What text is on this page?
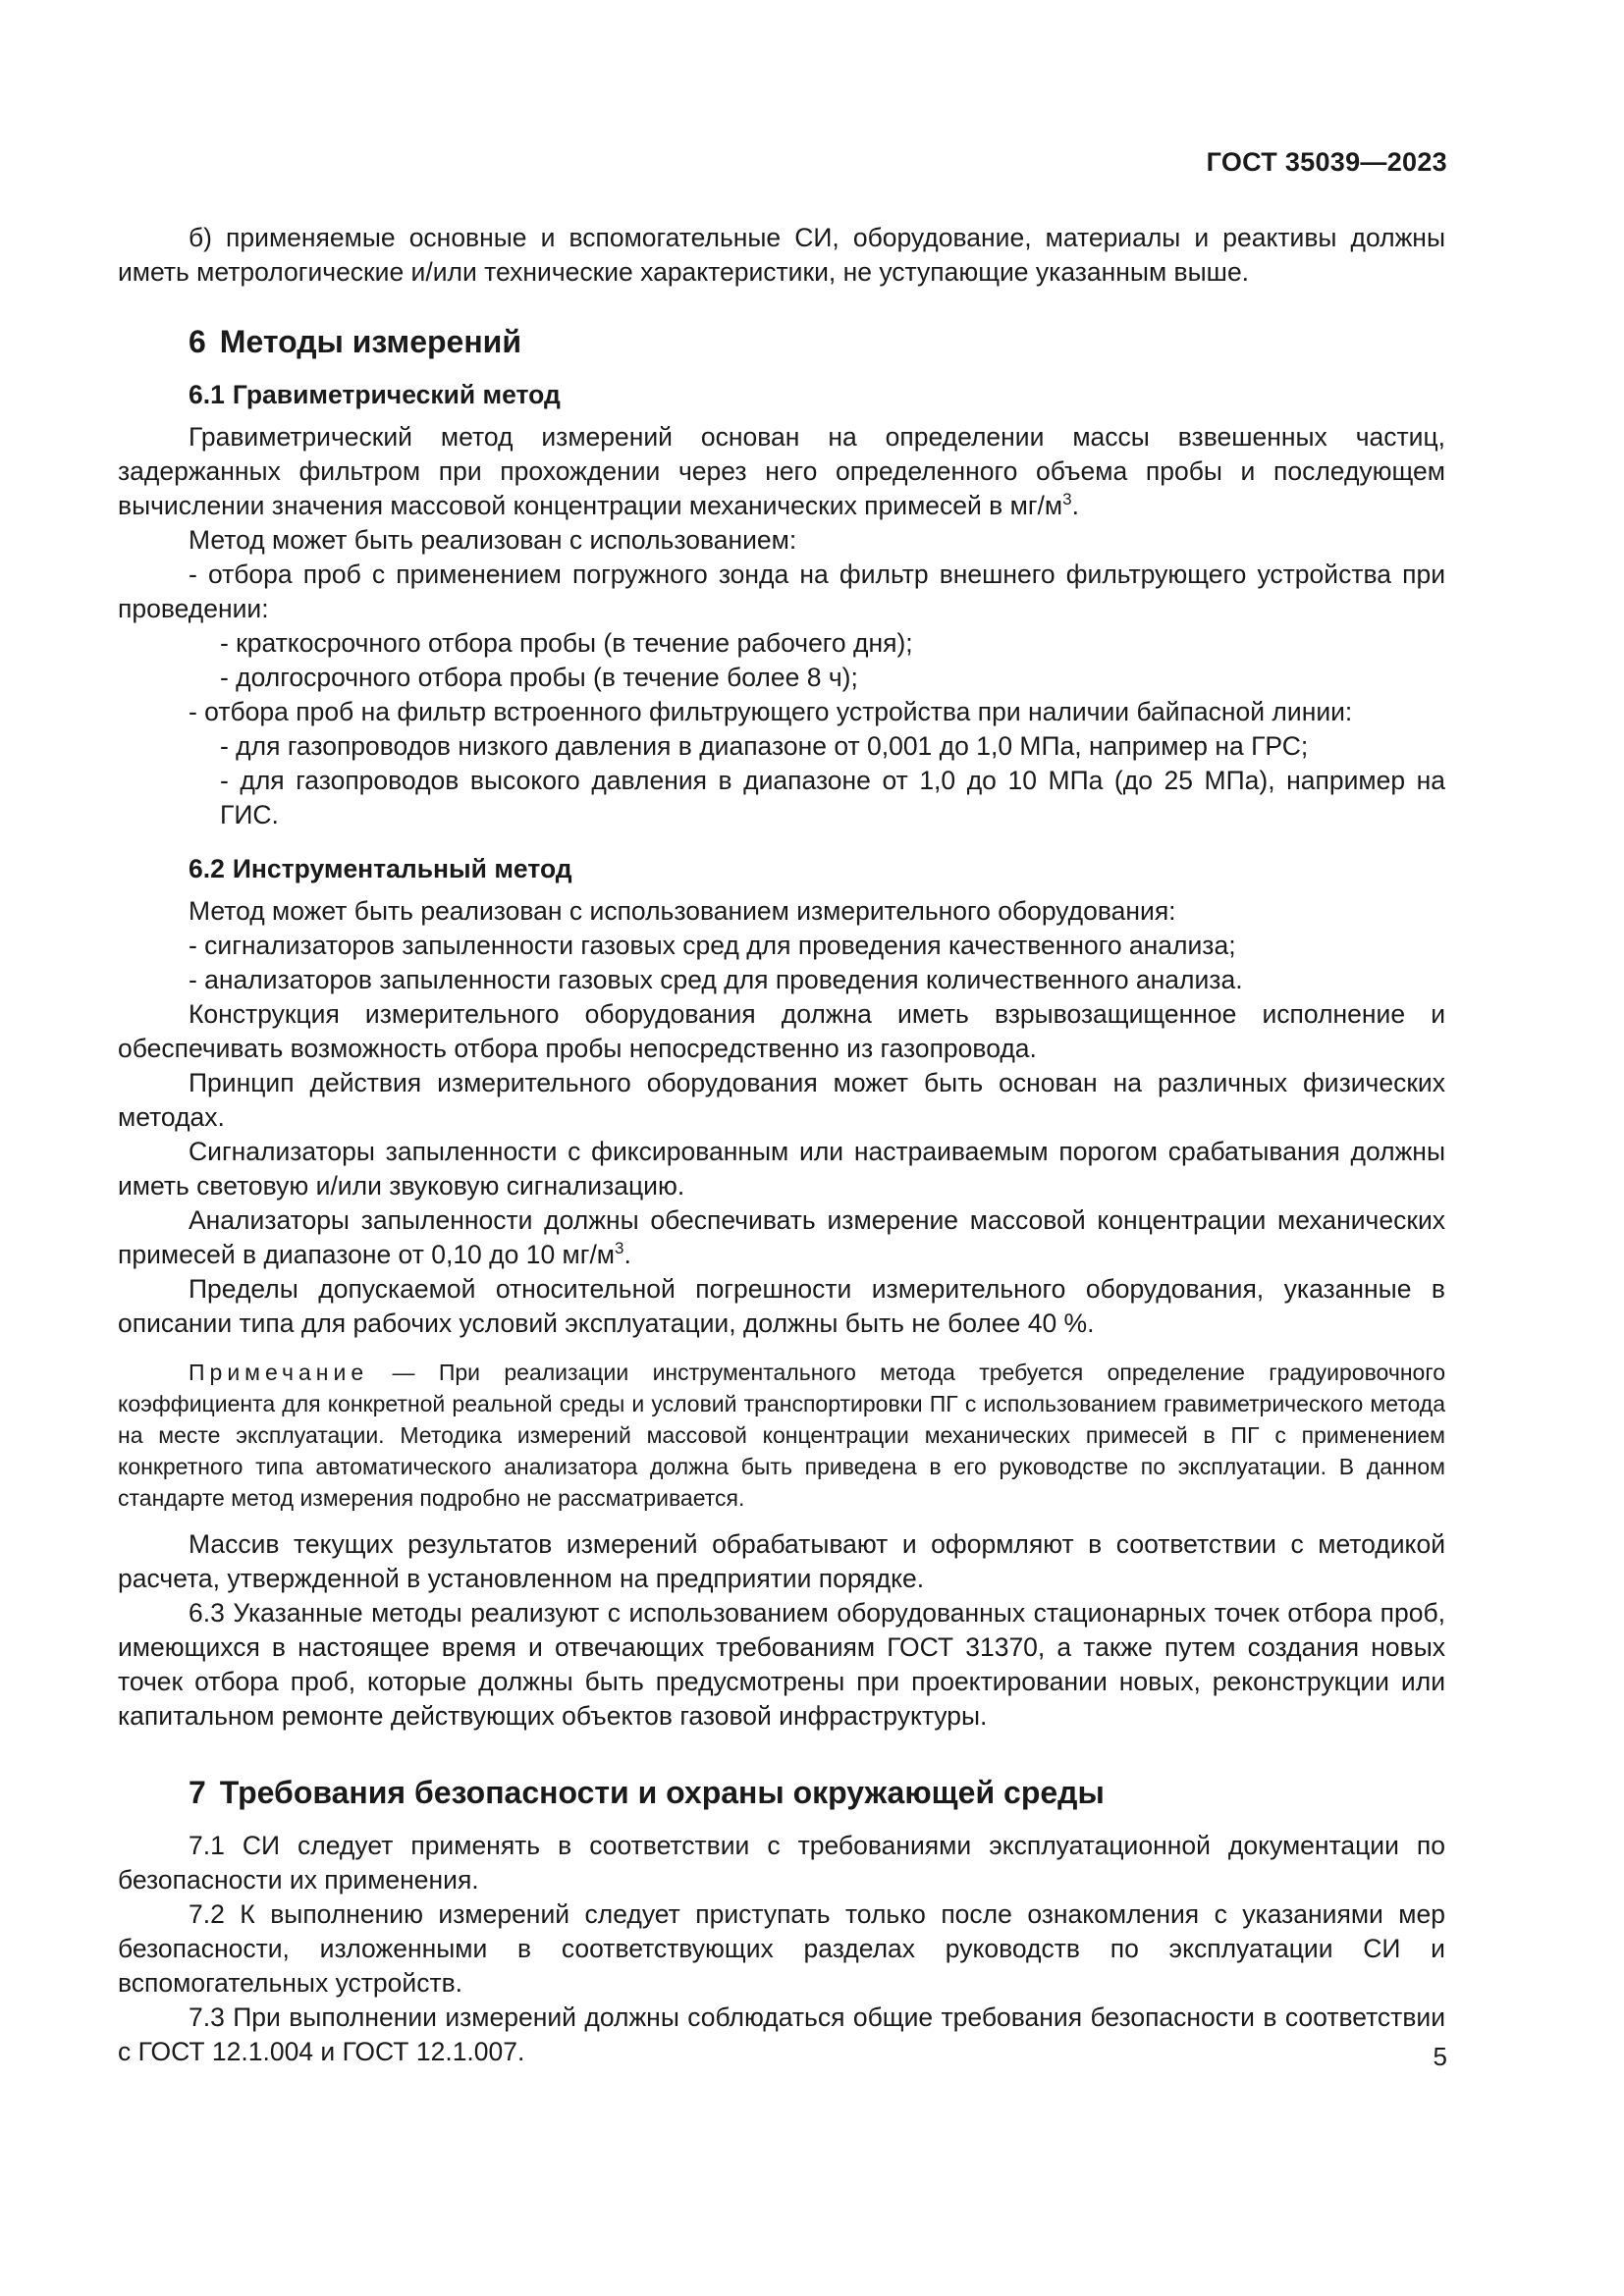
ГОСТ 35039—2023

б) применяемые основные и вспомогательные СИ, оборудование, материалы и реактивы должны иметь метрологические и/или технические характеристики, не уступающие указанным выше.

6 Методы измерений
6.1 Гравиметрический метод

Гравиметрический метод измерений основан на определении массы взвешенных частиц, задержанных фильтром при прохождении через него определенного объема пробы и последующем вычислении значения массовой концентрации механических примесей в $мг/м^3$.

Метод может быть реализован с использованием:

- отбора проб с применением погружного зонда на фильтр внешнего фильтрующего устройства при проведении:

- краткосрочного отбора пробы (в течение рабочего дня);

- долгосрочного отбора пробы (в течение более 8 ч);

- отбора проб на фильтр встроенного фильтрующего устройства при наличии байпасной линии:

- для газопроводов низкого давления в диапазоне от 0,001 до 1,0 МПа, например на ГРС;

- для газопроводов высокого давления в диапазоне от 1,0 до 10 МПа (до 25 МПа), например на ГИС.

6.2 Инструментальный метод

Метод может быть реализован с использованием измерительного оборудования:

- сигнализаторов запыленности газовых сред для проведения качественного анализа;

- анализаторов запыленности газовых сред для проведения количественного анализа.

Конструкция измерительного оборудования должна иметь взрывозащищенное исполнение и обеспечивать возможность отбора пробы непосредственно из газопровода.

Принцип действия измерительного оборудования может быть основан на различных физических методах.

Сигнализаторы запыленности с фиксированным или настраиваемым порогом срабатывания должны иметь световую и/или звуковую сигнализацию.

Анализаторы запыленности должны обеспечивать измерение массовой концентрации механических примесей в диапазоне от 0,10 до 10 $мг/м^3$.

Пределы допускаемой относительной погрешности измерительного оборудования, указанные в описании типа для рабочих условий эксплуатации, должны быть не более 40 %.

Примечание — При реализации инструментального метода требуется определение градуировочного коэффициента для конкретной реальной среды и условий транспортировки ПГ с использованием гравиметрического метода на месте эксплуатации. Методика измерений массовой концентрации механических примесей в ПГ с применением конкретного типа автоматического анализатора должна быть приведена в его руководстве по эксплуатации. В данном стандарте метод измерения подробно не рассматривается.

Массив текущих результатов измерений обрабатывают и оформляют в соответствии с методикой расчета, утвержденной в установленном на предприятии порядке.

6.3 Указанные методы реализуют с использованием оборудованных стационарных точек отбора проб, имеющихся в настоящее время и отвечающих требованиям ГОСТ 31370, а также путем создания новых точек отбора проб, которые должны быть предусмотрены при проектировании новых, реконструкции или капитальном ремонте действующих объектов газовой инфраструктуры.

7 Требования безопасности и охраны окружающей среды

7.1 СИ следует применять в соответствии с требованиями эксплуатационной документации по безопасности их применения.

7.2 К выполнению измерений следует приступать только после ознакомления с указаниями мер безопасности, изложенными в соответствующих разделах руководств по эксплуатации СИ и вспомогательных устройств.

7.3 При выполнении измерений должны соблюдаться общие требования безопасности в соответствии с ГОСТ 12.1.004 и ГОСТ 12.1.007.	5
